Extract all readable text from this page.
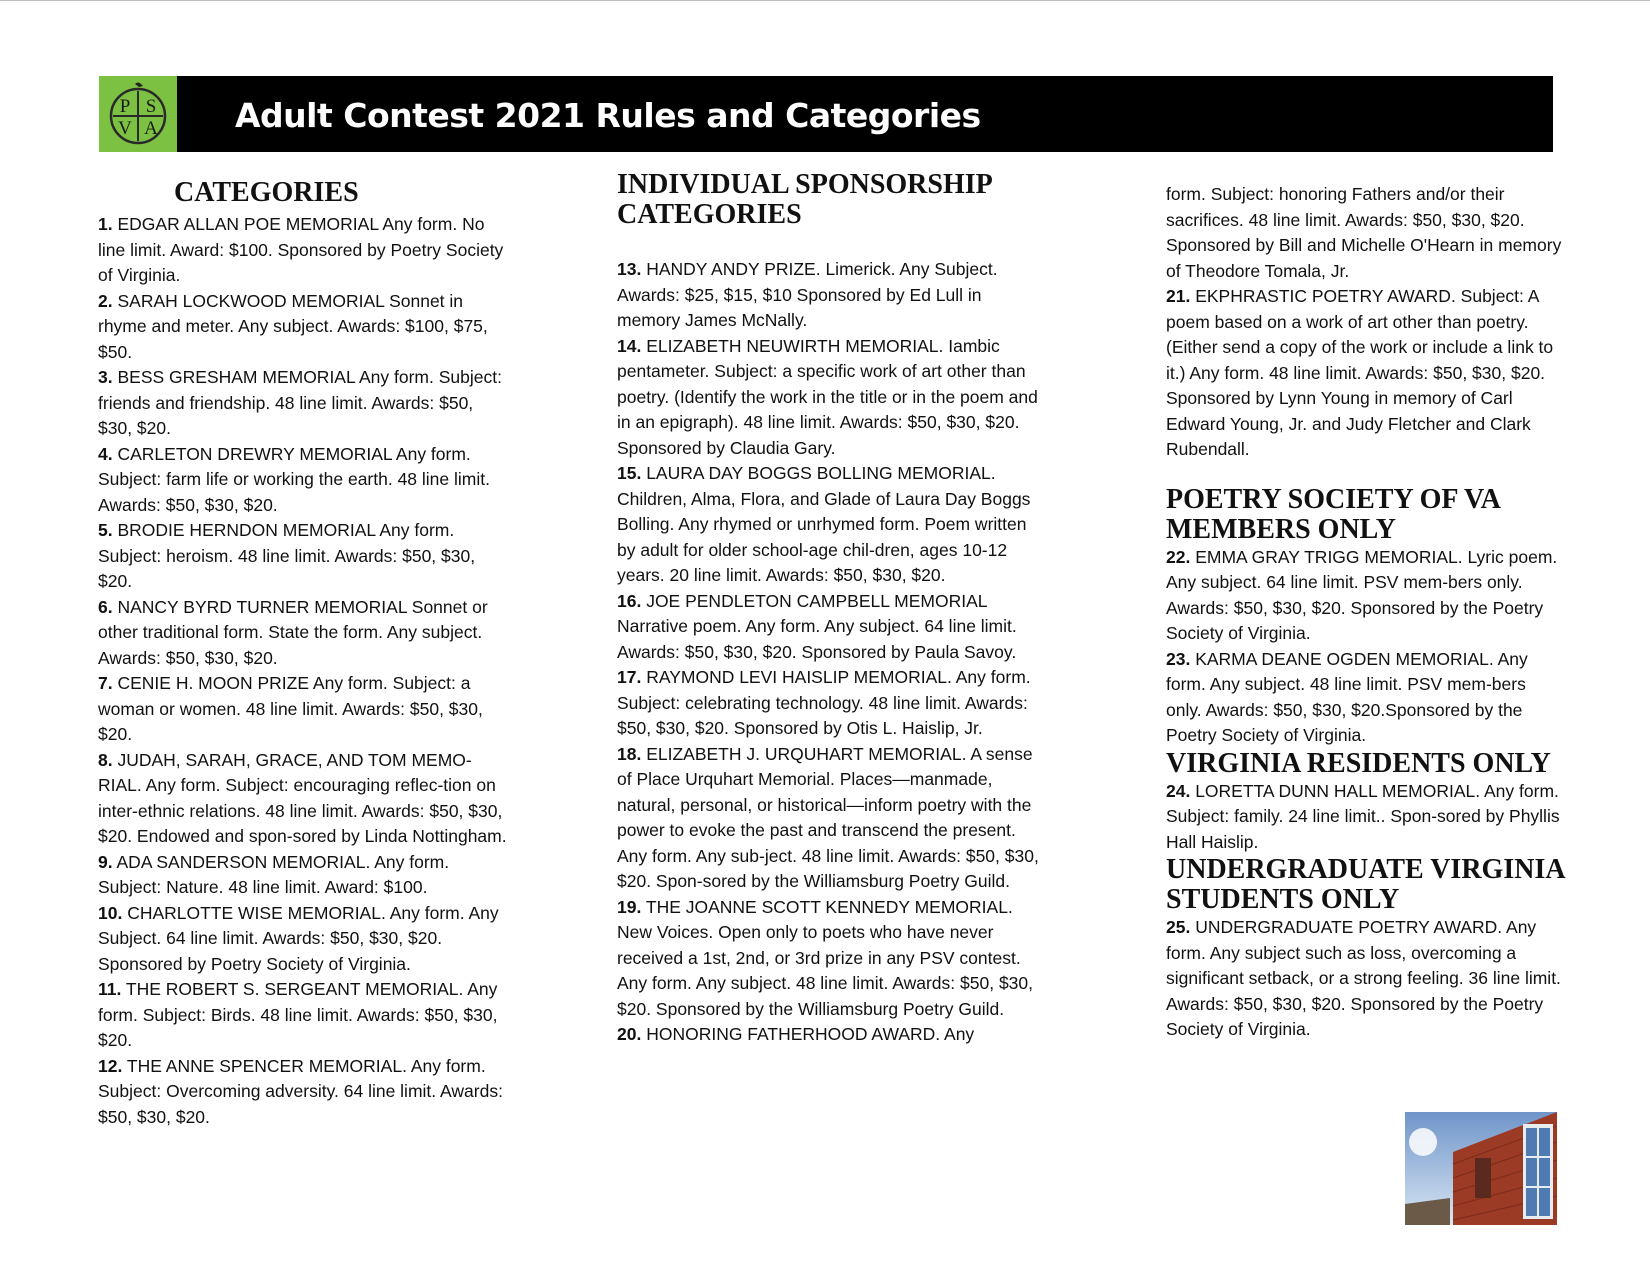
P S
V A Adult Contest 2021 Rules and Categories
CATEGORIES

1. EDGAR ALLAN POE MEMORIAL Any form. No line limit. Award: $100. Sponsored by Poetry Society of Virginia.

2. SARAH LOCKWOOD MEMORIAL Sonnet in rhyme and meter. Any subject. Awards: $100, $75, $50.

3. BESS GRESHAM MEMORIAL Any form. Subject: friends and friendship. 48 line limit. Awards: $50, $30, $20.

4. CARLETON DREWRY MEMORIAL Any form. Subject: farm life or working the earth. 48 line limit. Awards: $50, $30, $20.

5. BRODIE HERNDON MEMORIAL Any form. Subject: heroism. 48 line limit. Awards: $50, $30, $20.

6. NANCY BYRD TURNER MEMORIAL Sonnet or other traditional form. State the form. Any subject. Awards: $50, $30, $20.

7. CENIE H. MOON PRIZE Any form. Subject: a woman or women. 48 line limit. Awards: $50, $30, $20.

8. JUDAH, SARAH, GRACE, AND TOM MEMO-RIAL. Any form. Subject: encouraging reflec-tion on inter-ethnic relations. 48 line limit. Awards: $50, $30, $20. Endowed and spon-sored by Linda Nottingham.

9. ADA SANDERSON MEMORIAL. Any form. Subject: Nature. 48 line limit. Award: $100.

10. CHARLOTTE WISE MEMORIAL. Any form. Any Subject. 64 line limit. Awards: $50, $30, $20. Sponsored by Poetry Society of Virginia.

11. THE ROBERT S. SERGEANT MEMORIAL. Any form. Subject: Birds. 48 line limit. Awards: $50, $30, $20.

12. THE ANNE SPENCER MEMORIAL. Any form. Subject: Overcoming adversity. 64 line limit. Awards: $50, $30, $20.

INDIVIDUAL SPONSORSHIP CATEGORIES

13. HANDY ANDY PRIZE. Limerick. Any Subject. Awards: $25, $15, $10 Sponsored by Ed Lull in memory James McNally.

14. ELIZABETH NEUWIRTH MEMORIAL. Iambic pentameter. Subject: a specific work of art other than poetry. (Identify the work in the title or in the poem and in an epigraph). 48 line limit. Awards: $50, $30, $20. Sponsored by Claudia Gary.

15. LAURA DAY BOGGS BOLLING MEMORIAL. Children, Alma, Flora, and Glade of Laura Day Boggs Bolling. Any rhymed or unrhymed form. Poem written by adult for older school-age chil-dren, ages 10-12 years. 20 line limit. Awards: $50, $30, $20.

16. JOE PENDLETON CAMPBELL MEMORIAL Narrative poem. Any form. Any subject. 64 line limit. Awards: $50, $30, $20. Sponsored by Paula Savoy.

17. RAYMOND LEVI HAISLIP MEMORIAL. Any form. Subject: celebrating technology. 48 line limit. Awards: $50, $30, $20. Sponsored by Otis L. Haislip, Jr.

18. ELIZABETH J. URQUHART MEMORIAL. A sense of Place Urquhart Memorial. Places—manmade, natural, personal, or historical—inform poetry with the power to evoke the past and transcend the present. Any form. Any sub-ject. 48 line limit. Awards: $50, $30, $20. Spon-sored by the Williamsburg Poetry Guild.

19. THE JOANNE SCOTT KENNEDY MEMORIAL. New Voices. Open only to poets who have never received a 1st, 2nd, or 3rd prize in any PSV contest. Any form. Any subject. 48 line limit. Awards: $50, $30, $20. Sponsored by the Williamsburg Poetry Guild.

20. HONORING FATHERHOOD AWARD. Any

form. Subject: honoring Fathers and/or their sacrifices. 48 line limit. Awards: $50, $30, $20. Sponsored by Bill and Michelle O'Hearn in memory of Theodore Tomala, Jr.

21. EKPHRASTIC POETRY AWARD. Subject: A poem based on a work of art other than poetry. (Either send a copy of the work or include a link to it.) Any form. 48 line limit. Awards: $50, $30, $20. Sponsored by Lynn Young in memory of Carl Edward Young, Jr. and Judy Fletcher and Clark Rubendall.

POETRY SOCIETY OF VA MEMBERS ONLY

22. EMMA GRAY TRIGG MEMORIAL. Lyric poem. Any subject. 64 line limit. PSV mem-bers only. Awards: $50, $30, $20. Sponsored by the Poetry Society of Virginia.

23. KARMA DEANE OGDEN MEMORIAL. Any form. Any subject. 48 line limit. PSV mem-bers only. Awards: $50, $30, $20.Sponsored by the Poetry Society of Virginia.

VIRGINIA RESIDENTS ONLY

24. LORETTA DUNN HALL MEMORIAL. Any form. Subject: family. 24 line limit.. Spon-sored by Phyllis Hall Haislip.

UNDERGRADUATE VIRGINIA STUDENTS ONLY

25. UNDERGRADUATE POETRY AWARD. Any form. Any subject such as loss, overcoming a significant setback, or a strong feeling. 36 line limit. Awards: $50, $30, $20. Sponsored by the Poetry Society of Virginia.
